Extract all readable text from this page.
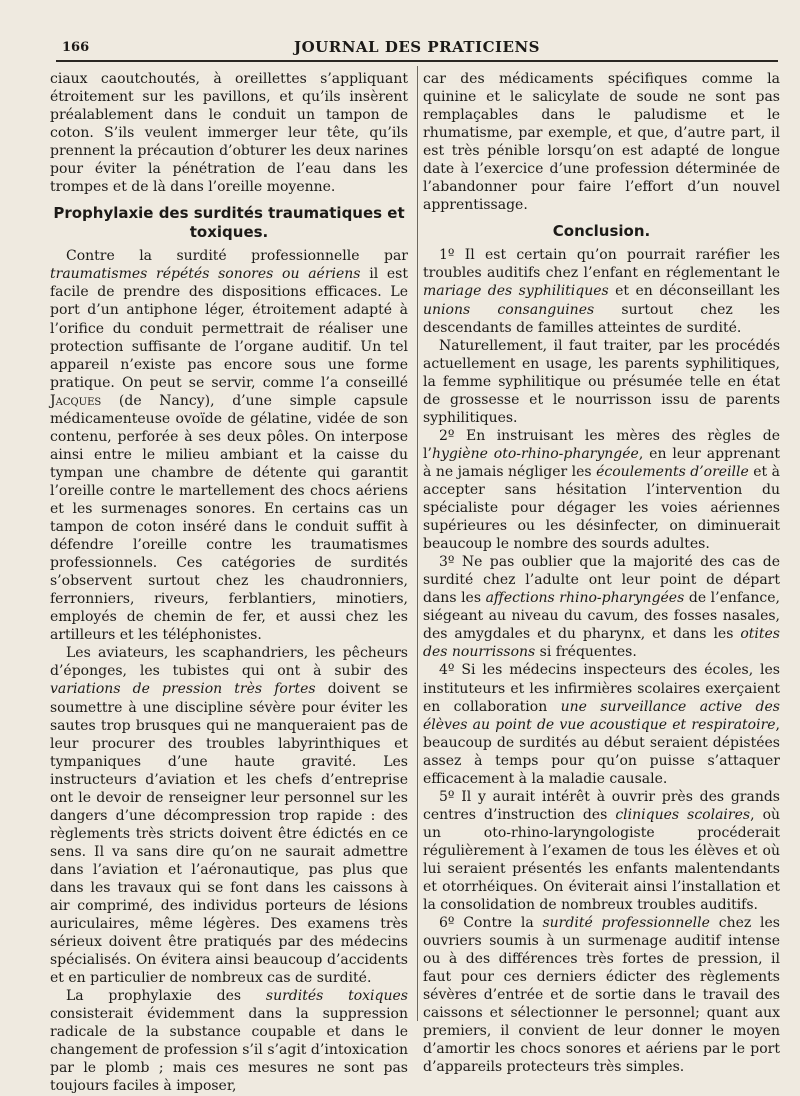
166	JOURNAL DES PRATICIENS

ciaux caoutchoutés, à oreillettes s’appliquant étroitement sur les pavillons, et qu’ils insèrent préalablement dans le conduit un tampon de coton. S’ils veulent immerger leur tête, qu’ils prennent la précaution d’obturer les deux narines pour éviter la pénétration de l’eau dans les trompes et de là dans l’oreille moyenne.

Prophylaxie des surdités traumatiques et toxiques.

Contre la surdité professionnelle par traumatismes répétés sonores ou aériens il est facile de prendre des dispositions efficaces. Le port d’un antiphone léger, étroitement adapté à l’orifice du conduit permettrait de réaliser une protection suffisante de l’organe auditif. Un tel appareil n’existe pas encore sous une forme pratique. On peut se servir, comme l’a conseillé Jacques (de Nancy), d’une simple capsule médicamenteuse ovoïde de gélatine, vidée de son contenu, perforée à ses deux pôles. On interpose ainsi entre le milieu ambiant et la caisse du tympan une chambre de détente qui garantit l’oreille contre le martellement des chocs aériens et les surmenages sonores. En certains cas un tampon de coton inséré dans le conduit suffit à défendre l’oreille contre les traumatismes professionnels. Ces catégories de surdités s’observent surtout chez les chaudronniers, ferronniers, riveurs, ferblantiers, minotiers, employés de chemin de fer, et aussi chez les artilleurs et les téléphonistes.

Les aviateurs, les scaphandriers, les pêcheurs d’éponges, les tubistes qui ont à subir des variations de pression très fortes doivent se soumettre à une discipline sévère pour éviter les sautes trop brusques qui ne manqueraient pas de leur procurer des troubles labyrinthiques et tympaniques d’une haute gravité. Les instructeurs d’aviation et les chefs d’entreprise ont le devoir de renseigner leur personnel sur les dangers d’une décompression trop rapide : des règlements très stricts doivent être édictés en ce sens. Il va sans dire qu’on ne saurait admettre dans l’aviation et l’aéronautique, pas plus que dans les travaux qui se font dans les caissons à air comprimé, des individus porteurs de lésions auriculaires, même légères. Des examens très sérieux doivent être pratiqués par des médecins spécialisés. On évitera ainsi beaucoup d’accidents et en particulier de nombreux cas de surdité.

La prophylaxie des surdités toxiques consisterait évidemment dans la suppression radicale de la substance coupable et dans le changement de profession s’il s’agit d’intoxication par le plomb ; mais ces mesures ne sont pas toujours faciles à imposer,

car des médicaments spécifiques comme la quinine et le salicylate de soude ne sont pas remplaçables dans le paludisme et le rhumatisme, par exemple, et que, d’autre part, il est très pénible lorsqu’on est adapté de longue date à l’exercice d’une profession déterminée de l’abandonner pour faire l’effort d’un nouvel apprentissage.

Conclusion.

1º Il est certain qu’on pourrait raréfier les troubles auditifs chez l’enfant en réglementant le mariage des syphilitiques et en déconseillant les unions consanguines surtout chez les descendants de familles atteintes de surdité.

Naturellement, il faut traiter, par les procédés actuellement en usage, les parents syphilitiques, la femme syphilitique ou présumée telle en état de grossesse et le nourrisson issu de parents syphilitiques.

2º En instruisant les mères des règles de l’hygiène oto-rhino-pharyngée, en leur apprenant à ne jamais négliger les écoulements d’oreille et à accepter sans hésitation l’intervention du spécialiste pour dégager les voies aériennes supérieures ou les désinfecter, on diminuerait beaucoup le nombre des sourds adultes.

3º Ne pas oublier que la majorité des cas de surdité chez l’adulte ont leur point de départ dans les affections rhino-pharyngées de l’enfance, siégeant au niveau du cavum, des fosses nasales, des amygdales et du pharynx, et dans les otites des nourrissons si fréquentes.

4º Si les médecins inspecteurs des écoles, les instituteurs et les infirmières scolaires exerçaient en collaboration une surveillance active des élèves au point de vue acoustique et respiratoire, beaucoup de surdités au début seraient dépistées assez à temps pour qu’on puisse s’attaquer efficacement à la maladie causale.

5º Il y aurait intérêt à ouvrir près des grands centres d’instruction des cliniques scolaires, où un oto-rhino-laryngologiste procéderait régulièrement à l’examen de tous les élèves et où lui seraient présentés les enfants malentendants et otorrhéiques. On éviterait ainsi l’installation et la consolidation de nombreux troubles auditifs.

6º Contre la surdité professionnelle chez les ouvriers soumis à un surmenage auditif intense ou à des différences très fortes de pression, il faut pour ces derniers édicter des règlements sévères d’entrée et de sortie dans le travail des caissons et sélectionner le personnel; quant aux premiers, il convient de leur donner le moyen d’amortir les chocs sonores et aériens par le port d’appareils protecteurs très simples.
